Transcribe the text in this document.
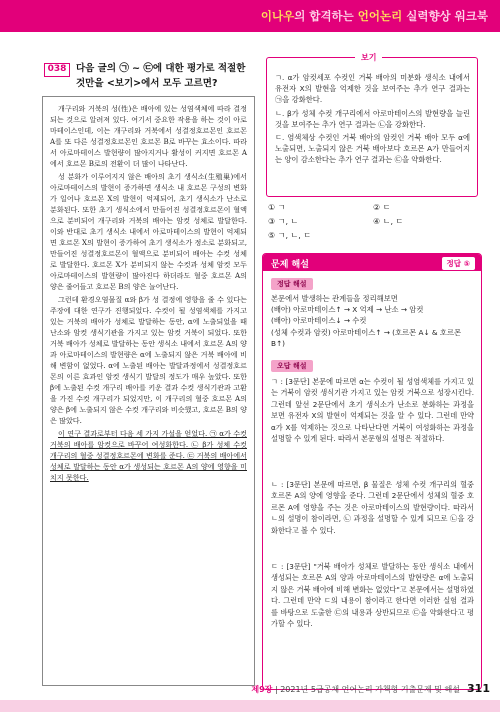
이나우의 합격하는 언어논리 실력향상 워크북
038	다음 글의 ㉠ ~ ㉢에 대한 평가로 적절한 것만을 <보기>에서 모두 고르면?

개구리와 거북의 성(性)은 배아에 있는 성염색체에 따라 결정되는 것으로 알려져 있다. 여기서 중요한 작용을 하는 것이 아로마테이스인데, 이는 개구리와 거북에서 성결정호르몬인 호르몬 A를 또 다른 성결정호르몬인 호르몬 B로 바꾸는 효소이다. 따라서 아로마테이스 발현량이 많아지거나 활성이 커지면 호르몬 A에서 호르몬 B로의 전환이 더 많이 나타난다.

성 분화가 이루어지지 않은 배아의 초기 생식소(生殖巢)에서 아로마테이스의 발현이 증가하면 생식소 내 호르몬 구성의 변화가 일어나 호르몬 X의 발현이 억제되어, 초기 생식소가 난소로 분화된다. 또한 초기 생식소에서 만들어진 성결정호르몬이 혈액으로 분비되어 개구리와 거북의 배아는 암컷 성체로 발달한다. 이와 반대로 초기 생식소 내에서 아로마테이스의 발현이 억제되면 호르몬 X의 발현이 증가하여 초기 생식소가 정소로 분화되고, 만들어진 성결정호르몬이 혈액으로 분비되어 배아는 수컷 성체로 발달한다. 호르몬 X가 분비되지 않는 수컷과 성체 암컷 모두 아로마테이스의 발현량이 많아진다 하더라도 혈중 호르몬 A의 양은 줄어들고 호르몬 B의 양은 늘어난다.

그런데 환경오염물질 α와 β가 성 결정에 영향을 줄 수 있다는 주장에 대한 연구가 진행되었다. 수컷이 될 성염색체를 가지고 있는 거북의 배아가 성체로 발달하는 동안, α에 노출되었을 때 난소와 암컷 생식기관을 가지고 있는 암컷 거북이 되었다. 또한 거북 배아가 성체로 발달하는 동안 생식소 내에서 호르몬 A의 양과 아로마테이스의 발현량은 α에 노출되지 않은 거북 배아에 비해 변함이 없었다. α에 노출된 배아는 발달과정에서 성결정호르몬의 이른 효과인 암컷 생식기 발달의 정도가 매우 높았다. 또한 β에 노출된 수컷 개구리 배아를 키운 결과 수컷 생식기관과 고환을 가진 수컷 개구리가 되었지만, 이 개구리의 혈중 호르몬 A의 양은 β에 노출되지 않은 수컷 개구리와 비슷했고, 호르몬 B의 양은 많았다.

이 연구 결과로부터 다음 세 가지 가설을 얻었다. ㉠ α가 수컷 거북의 배아를 암컷으로 바꾸어 여성화한다. ㉡ β가 성체 수컷 개구리의 혈중 성결정호르몬에 변화를 준다. ㉢ 거북의 배아에서 성체로 발달하는 동안 α가 생성되는 호르몬 A의 양에 영향을 미치지 못한다.

보기
ㄱ. α가 암컷세포 수컷인 거북 배아의 미분화 생식소 내에서 유전자 X의 발현을 억제한 것을 보여주는 추가 연구 결과는 ㉠을 강화한다.
ㄴ. β가 성체 수컷 개구리에서 아로마테이스의 발현량을 늘린 것을 보여주는 추가 연구 결과는 ㉡을 강화한다.
ㄷ. 염색체상 수컷인 거북 배아의 암컷인 거북 배아 모두 α에 노출되면, 노출되지 않은 거북 배아보다 호르몬 A가 만들어지는 양이 감소한다는 추가 연구 결과는 ㉢을 약화한다.
① ㄱ	② ㄷ
③ ㄱ, ㄴ	④ ㄴ, ㄷ
⑤ ㄱ, ㄴ, ㄷ
문제 해설	정답 ⑤
정답 해설
본문에서 발생하는 관계들을 정리해보면
(배아) 아로마테이스↑ → X 억제 → 난소 → 암컷
(배아) 아로마테이스↓ → 수컷
(성체 수컷과 암컷) 아로마테이스↑ → (호르몬 A↓ & 호르몬 B↑)
오답 해설
ㄱ : [3문단] 본문에 따르면 α는 수컷이 될 성염색체를 가지고 있는 거북이 암컷 생식기관 가지고 있는 암컷 거북으로 성장시킨다. 그런데 앞선 2문단에서 초기 생식소가 난소로 분화하는 과정을 보면 유전자 X의 발현이 억제되는 것을 알 수 있다. 그런데 만약 α가 X를 억제하는 것으로 나타난다면 거북이 여성화하는 과정을 설명할 수 있게 된다. 따라서 본문형의 설명은 적절하다.
ㄴ : [3문단] 본문에 따르면, β 물질은 성체 수컷 개구리의 혈중 호르몬 A의 양에 영향을 준다. 그런데 2문단에서 성체의 혈중 호르몬 A에 영향을 주는 것은 아로마테이스의 발현량이다. 따라서 ㄴ의 설명이 참이라면, ㉡ 과정을 설명할 수 있게 되므로 ㉡을 강화한다고 볼 수 있다.
ㄷ : [3문단] "거북 배아가 성체로 발달하는 동안 생식소 내에서 생성되는 호르몬 A의 양과 아로마테이스의 발현량은 α에 노출되지 않은 거북 배아에 비해 변화는 없었다"고 본문에서는 설명하였다. 그런데 만약 ㄷ의 내용이 참이라고 한다면 이러한 실험 결과를 바탕으로 도출한 ㉢의 내용과 상반되므로 ㉢을 약화한다고 평가할 수 있다.
제9장 | 2021년 5급공채 언어논리 가책형 기출문제 및 해설 311
